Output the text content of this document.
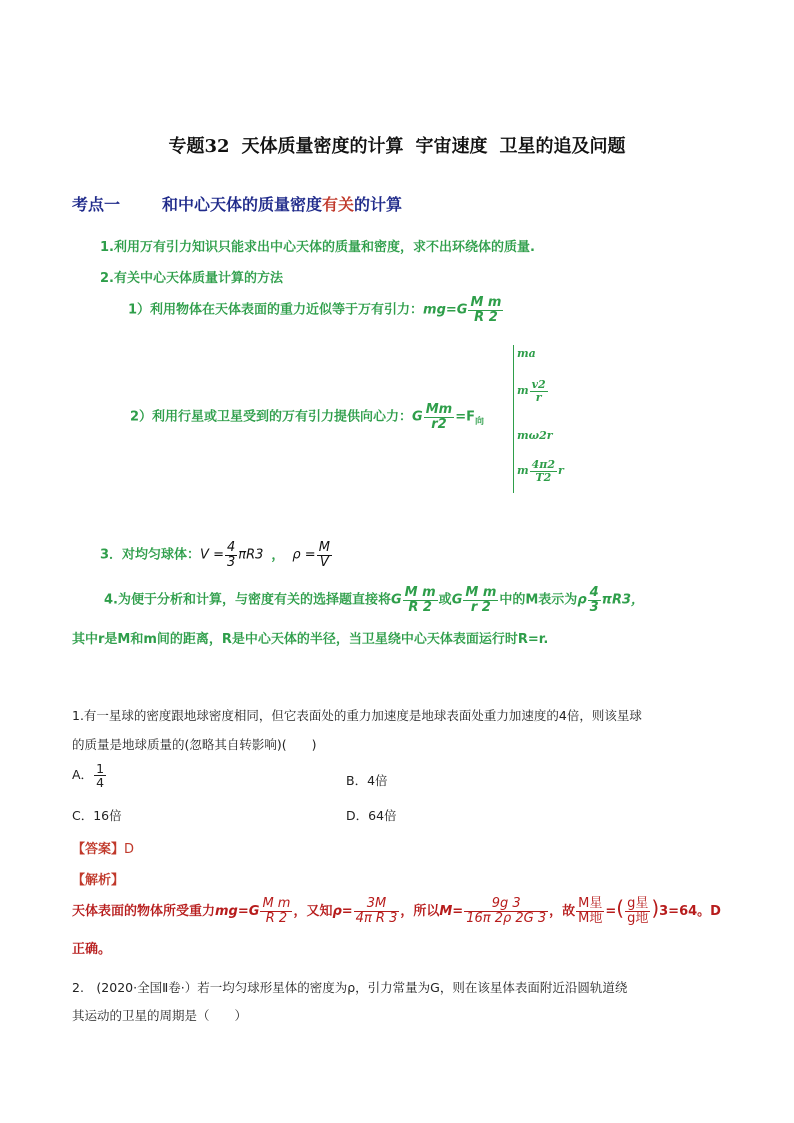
专题32 天体质量密度的计算 宇宙速度 卫星的追及问题
考点一	和中心天体的质量密度有关的计算
1.利用万有引力知识只能求出中心天体的质量和密度，求不出环绕体的质量.
2.有关中心天体质量计算的方法
1）利用物体在天体表面的重力近似等于万有引力：$mg=G \frac{\text{M m}}{R 2}$
2）利用行星或卫星受到的万有引力提供向心力：G $\frac{Mm}{r2} =F_向$
ma
m $\frac{v2}{r}$
mω2r
m $\frac{4\pi 2}{T2}$ r
3．对均匀球体：$V = \frac{4}{3} \pi R3$ ， $\rho = \frac{M}{V}$
4.为便于分析和计算，与密度有关的选择题直接将G $\frac{\text{M m}}{R 2}$ 或G $\frac{\text{M m}}{r 2}$ 中的M表示为ρ $\frac{4}{3} \pi R3$，
其中r是M和m间的距离，R是中心天体的半径，当卫星绕中心天体表面运行时R=r.
1.有一星球的密度跟地球密度相同，但它表面处的重力加速度是地球表面处重力加速度的4倍，则该星球
的质量是地球质量的(忽略其自转影响)(　　)
A． $\frac{1}{4}$	B．4倍
C．16倍	D．64倍
【答案】D
【解析】
天体表面的物体所受重力$mg=G \frac{\text{M m}}{R 2}$ ，又知$\rho= \frac{3M}{\text{4π R 3}}$ ，所以$M= \frac{9g 3}{16\pi 2\rho 2G 3}$ ，故 $\frac{\text{M星}}{\text{M地}}$ =( $\frac{\text{g星}}{\text{g地}} )3=64$。D
正确。
2.　(2020·全国Ⅱ卷·）若一均匀球形星体的密度为ρ，引力常量为G，则在该星体表面附近沿圆轨道绕
其运动的卫星的周期是（　　）
